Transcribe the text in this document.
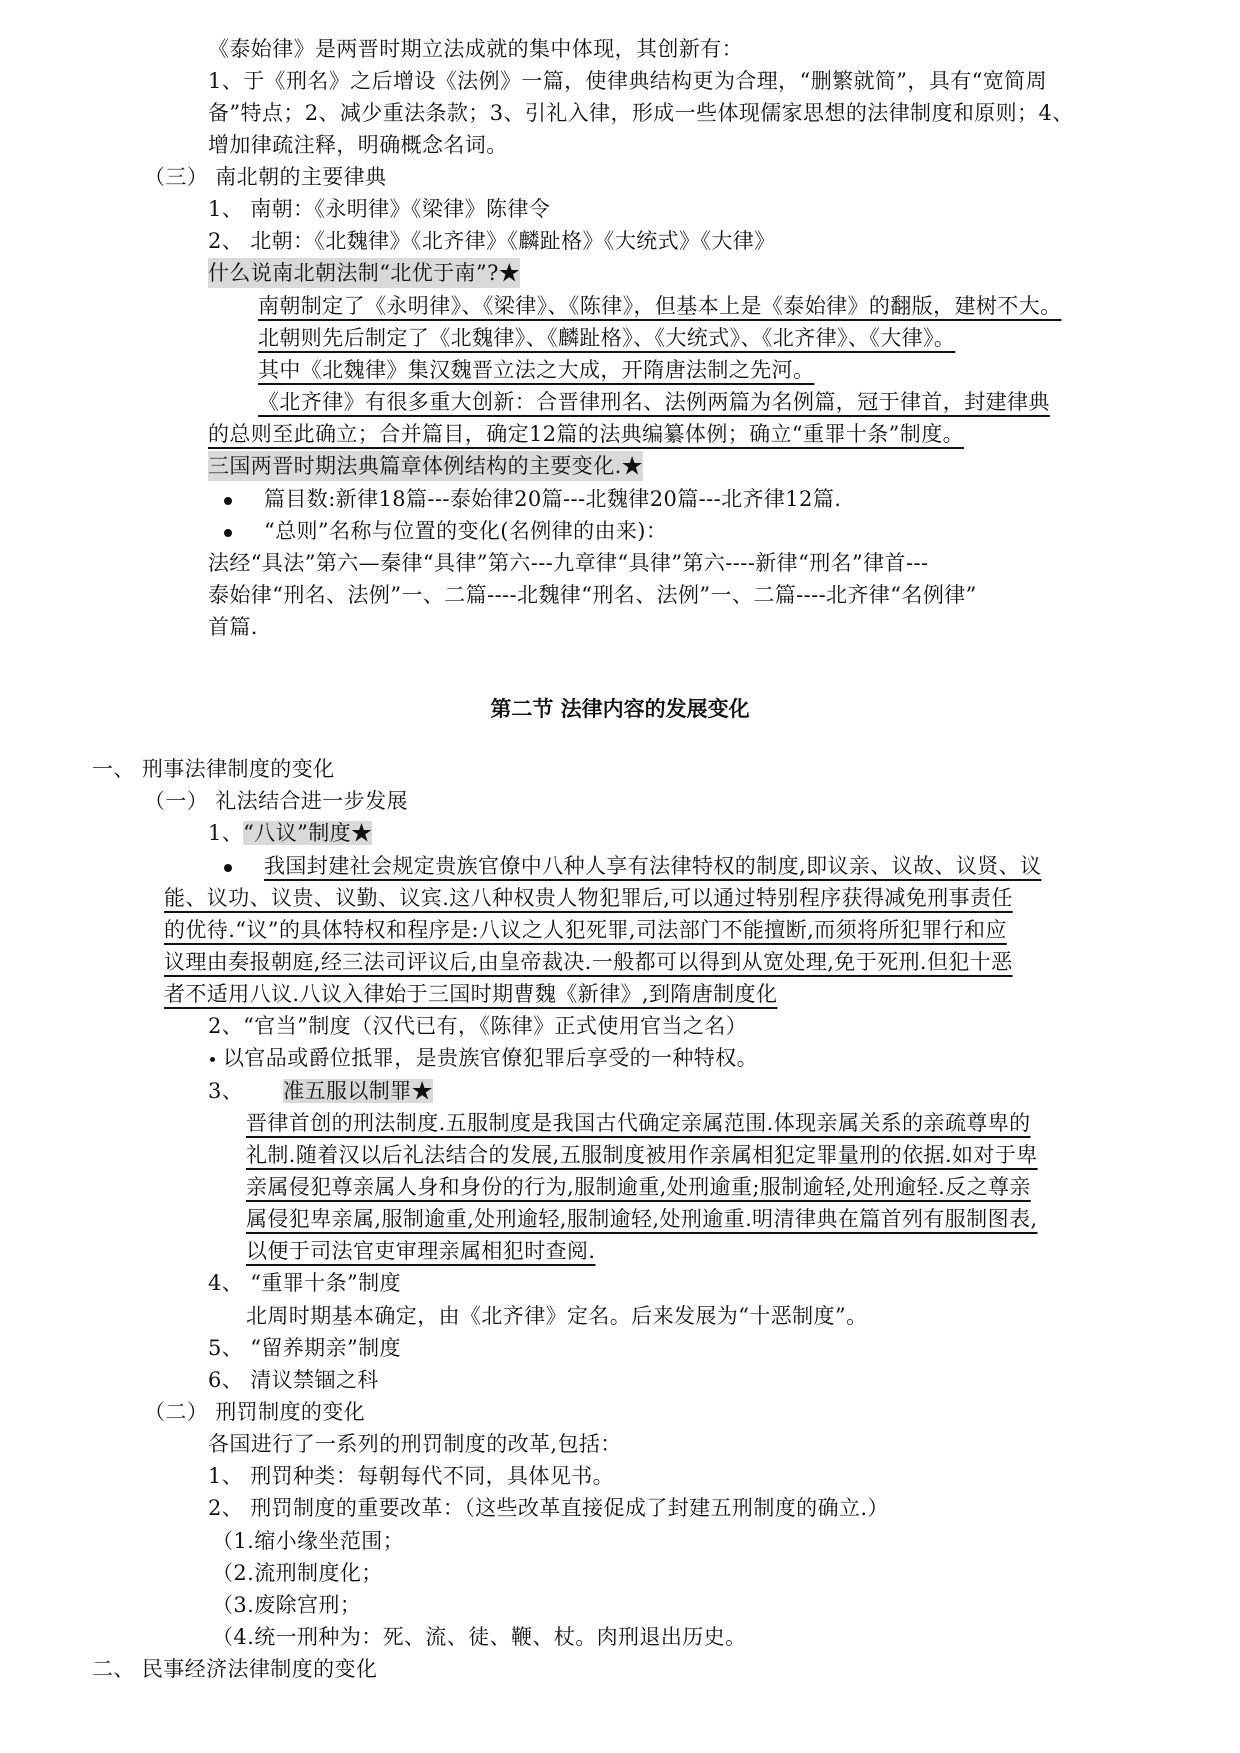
《泰始律》是两晋时期立法成就的集中体现，其创新有：
1、于《刑名》之后增设《法例》一篇，使律典结构更为合理，“删繁就简”，具有“宽简周
备”特点；2、减少重法条款；3、引礼入律，形成一些体现儒家思想的法律制度和原则；4、
增加律疏注释，明确概念名词。
（三） 南北朝的主要律典
1、 南朝：《永明律》《梁律》陈律令
2、 北朝：《北魏律》《北齐律》《麟趾格》《大统式》《大律》
什么说南北朝法制“北优于南”?★
南朝制定了《永明律》、《梁律》、《陈律》，但基本上是《泰始律》的翻版，建树不大。
北朝则先后制定了《北魏律》、《麟趾格》、《大统式》、《北齐律》、《大律》。
其中《北魏律》集汉魏晋立法之大成，开隋唐法制之先河。
《北齐律》有很多重大创新：合晋律刑名、法例两篇为名例篇，冠于律首，封建律典
的总则至此确立；合并篇目，确定12篇的法典编纂体例；确立“重罪十条”制度。
三国两晋时期法典篇章体例结构的主要变化.★
篇目数:新律18篇---泰始律20篇---北魏律20篇---北齐律12篇.
“总则”名称与位置的变化(名例律的由来)：
法经“具法”第六—秦律“具律”第六---九章律“具律”第六----新律“刑名”律首---
泰始律“刑名、法例”一、二篇----北魏律“刑名、法例”一、二篇----北齐律“名例律”
首篇.
第二节 法律内容的发展变化
一、 刑事法律制度的变化
（一） 礼法结合进一步发展
1、“八议”制度★
我国封建社会规定贵族官僚中八种人享有法律特权的制度,即议亲、议故、议贤、议
能、议功、议贵、议勤、议宾.这八种权贵人物犯罪后,可以通过特别程序获得减免刑事责任
的优待.“议”的具体特权和程序是:八议之人犯死罪,司法部门不能擅断,而须将所犯罪行和应
议理由奏报朝庭,经三法司评议后,由皇帝裁决.一般都可以得到从宽处理,免于死刑.但犯十恶
者不适用八议.八议入律始于三国时期曹魏《新律》,到隋唐制度化
2、“官当”制度（汉代已有，《陈律》正式使用官当之名）
以官品或爵位抵罪，是贵族官僚犯罪后享受的一种特权。
3、 准五服以制罪★
晋律首创的刑法制度.五服制度是我国古代确定亲属范围.体现亲属关系的亲疏尊卑的
礼制.随着汉以后礼法结合的发展,五服制度被用作亲属相犯定罪量刑的依据.如对于卑
亲属侵犯尊亲属人身和身份的行为,服制逾重,处刑逾重;服制逾轻,处刑逾轻.反之尊亲
属侵犯卑亲属,服制逾重,处刑逾轻,服制逾轻,处刑逾重.明清律典在篇首列有服制图表,
以便于司法官吏审理亲属相犯时查阅.
4、 “重罪十条”制度
北周时期基本确定，由《北齐律》定名。后来发展为“十恶制度”。
5、 “留养期亲”制度
6、 清议禁锢之科
（二） 刑罚制度的变化
各国进行了一系列的刑罚制度的改革,包括：
1、 刑罚种类：每朝每代不同，具体见书。
2、 刑罚制度的重要改革：（这些改革直接促成了封建五刑制度的确立.）
（1.缩小缘坐范围；
（2.流刑制度化；
（3.废除宫刑；
（4.统一刑种为：死、流、徒、鞭、杖。肉刑退出历史。
二、 民事经济法律制度的变化
